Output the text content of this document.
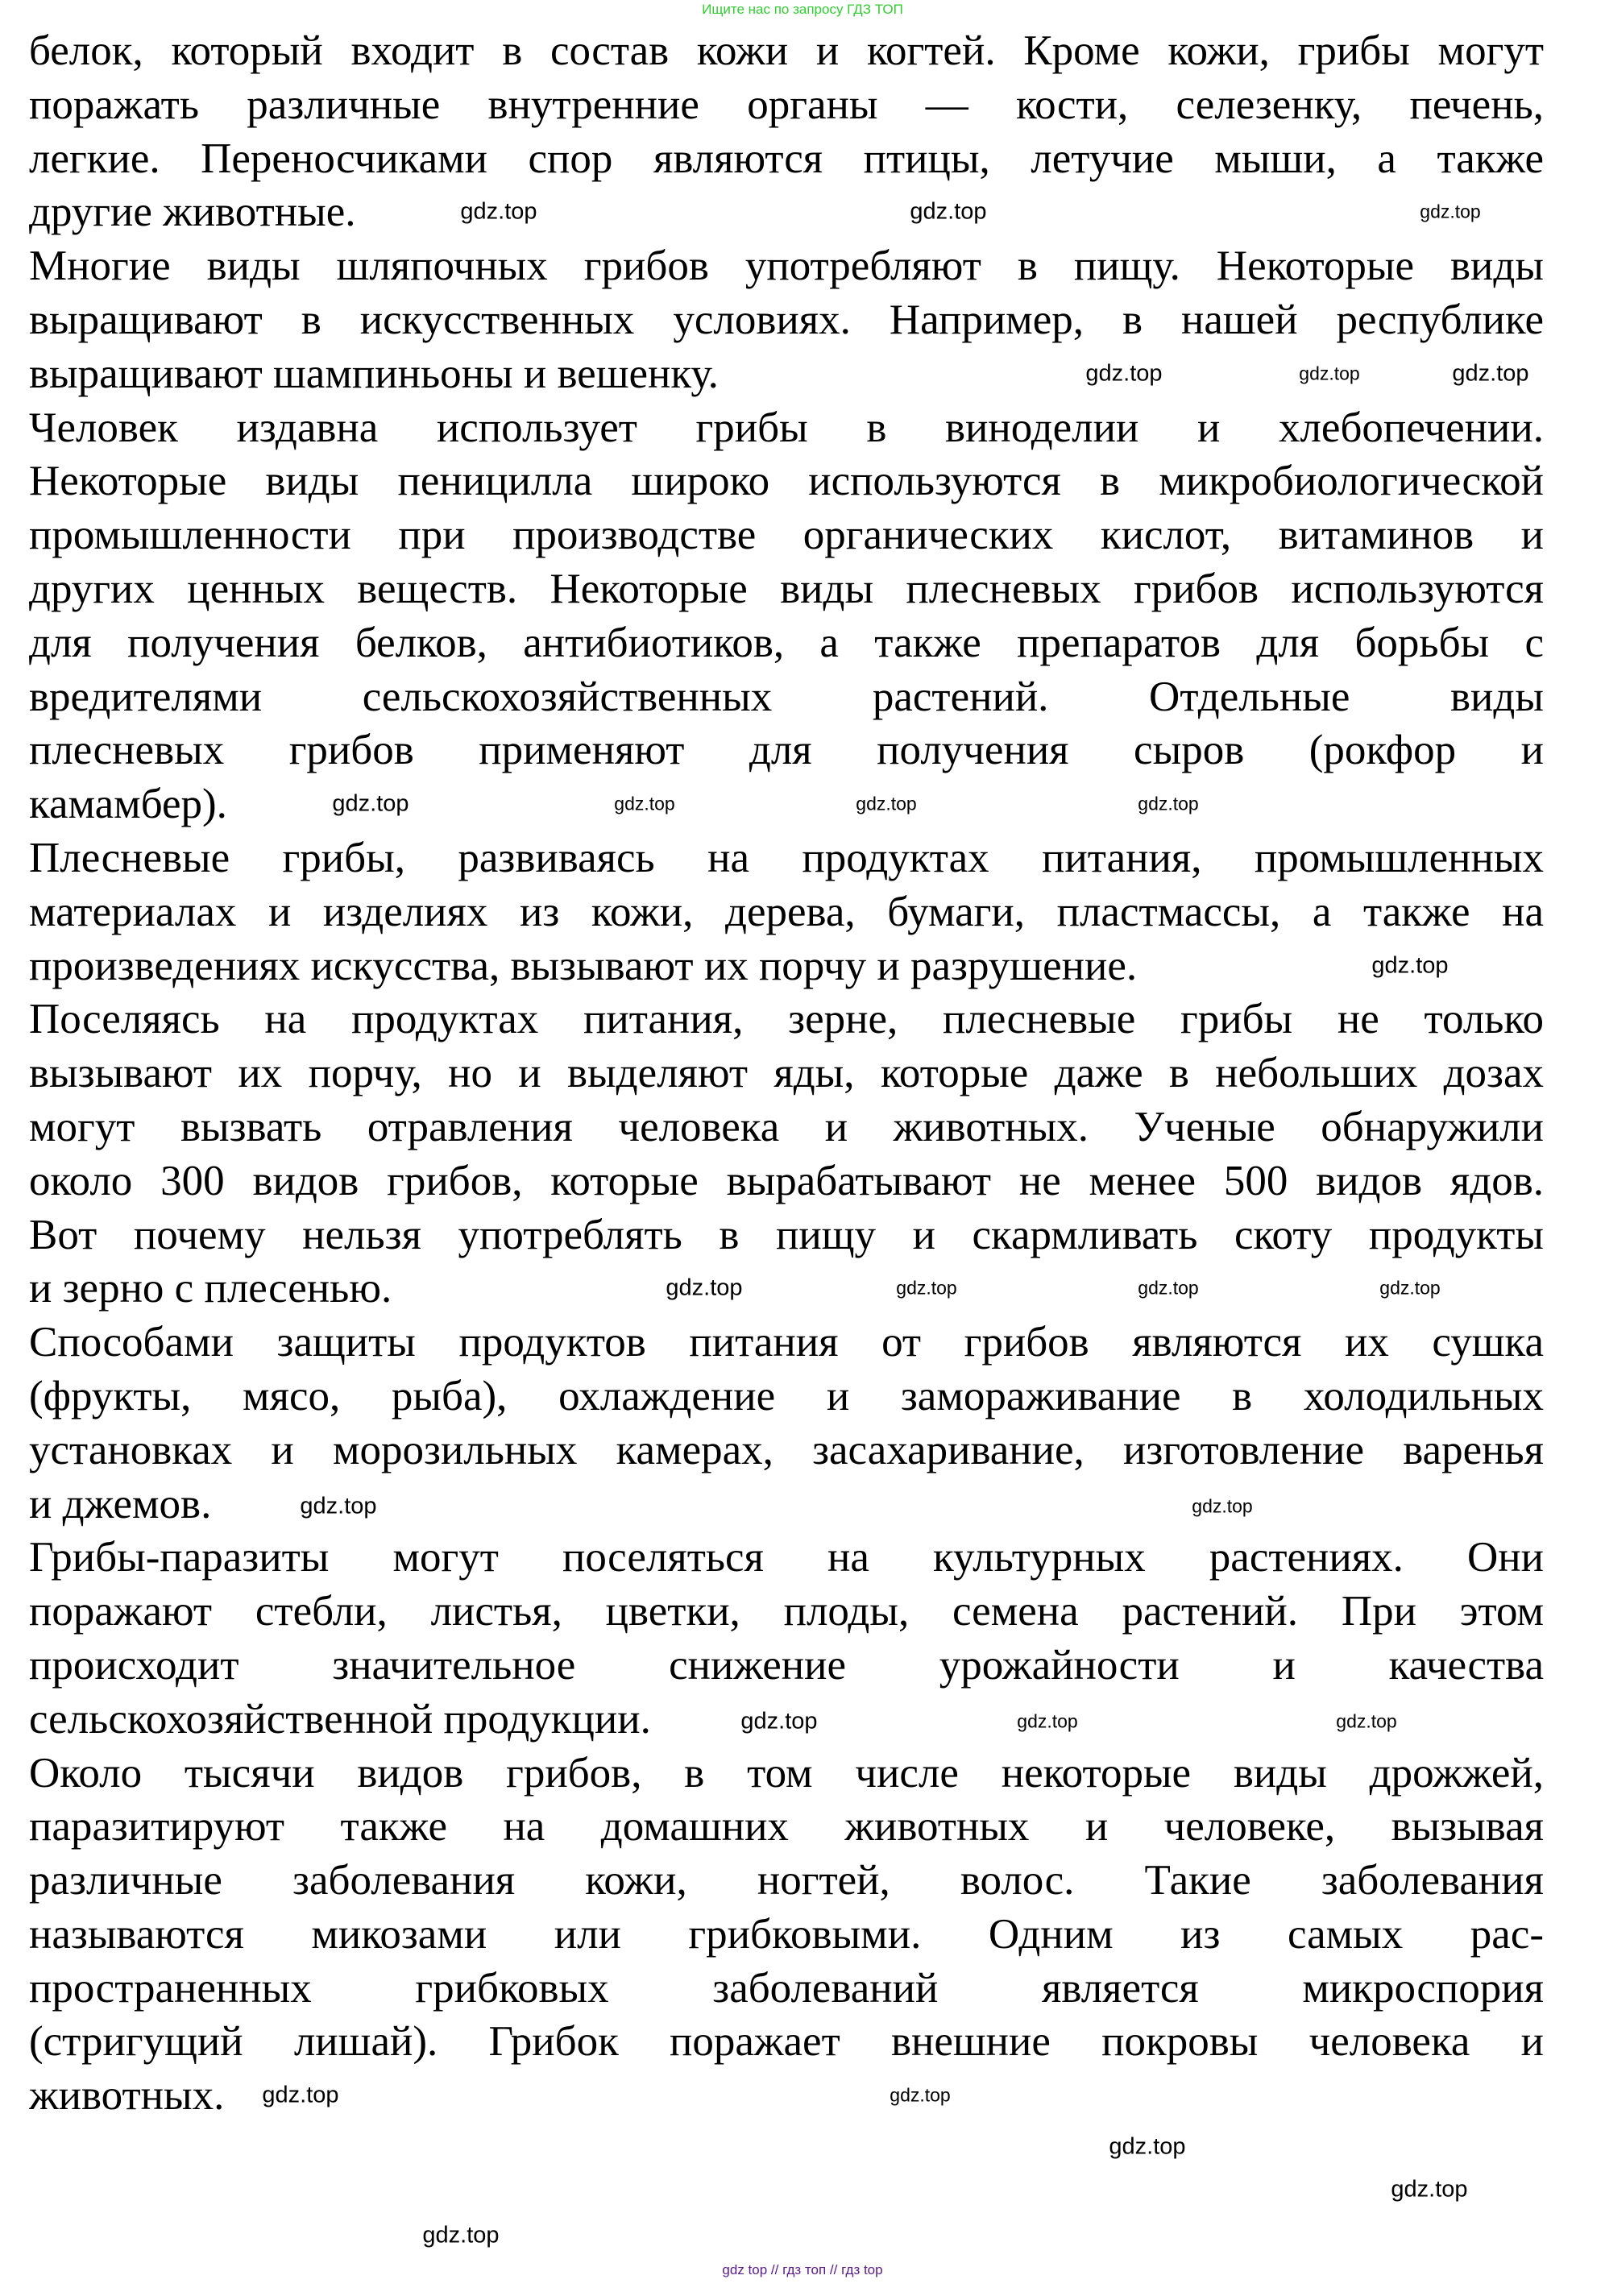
Ищите нас по запросу ГДЗ ТОП
белок, который входит в состав кожи и когтей. Кроме кожи, грибы могут
поражать различные внутренние органы — кости, селезенку, печень,
легкие. Переносчиками спор являются птицы, летучие мыши, а также
другие животные.
Многие виды шляпочных грибов употребляют в пищу. Некоторые виды
выращивают в искусственных условиях. Например, в нашей республике
выращивают шампиньоны и вешенку.
Человек издавна использует грибы в виноделии и хлебопечении.
Некоторые виды пеницилла широко используются в микробиологической
промышленности при производстве органических кислот, витаминов и
других ценных веществ. Некоторые виды плесневых грибов используются
для получения белков, антибиотиков, а также препаратов для борьбы с
вредителями сельскохозяйственных растений. Отдельные виды
плесневых грибов применяют для получения сыров (рокфор и
камамбер).
Плесневые грибы, развиваясь на продуктах питания, промышленных
материалах и изделиях из кожи, дерева, бумаги, пластмассы, а также на
произведениях искусства, вызывают их порчу и разрушение.
Поселяясь на продуктах питания, зерне, плесневые грибы не только
вызывают их порчу, но и выделяют яды, которые даже в небольших дозах
могут вызвать отравления человека и животных. Ученые обнаружили
около 300 видов грибов, которые вырабатывают не менее 500 видов ядов.
Вот почему нельзя употреблять в пищу и скармливать скоту продукты
и зерно с плесенью.
Способами защиты продуктов питания от грибов являются их сушка
(фрукты, мясо, рыба), охлаждение и замораживание в холодильных
установках и морозильных камерах, засахаривание, изготовление варенья
и джемов.
Грибы-паразиты могут поселяться на культурных растениях. Они
поражают стебли, листья, цветки, плоды, семена растений. При этом
происходит значительное снижение урожайности и качества
сельскохозяйственной продукции.
Около тысячи видов грибов, в том числе некоторые виды дрожжей,
паразитируют также на домашних животных и человеке, вызывая
различные заболевания кожи, ногтей, волос. Такие заболевания
называются микозами или грибковыми. Одним из самых рас-
пространенных грибковых заболеваний является микроспория
(стригущий лишай). Грибок поражает внешние покровы человека и
животных.
gdz.top	gdz.top	gdz.top
gdz.top	gdz.top	gdz.top
gdz.top	gdz.top	gdz.top	gdz.top
gdz.top
gdz.top	gdz.top	gdz.top	gdz.top
gdz.top	gdz.top
gdz.top	gdz.top	gdz.top
gdz.top	gdz.top
gdz.top
gdz.top
gdz.top
gdz top // гдз топ // гдз top
